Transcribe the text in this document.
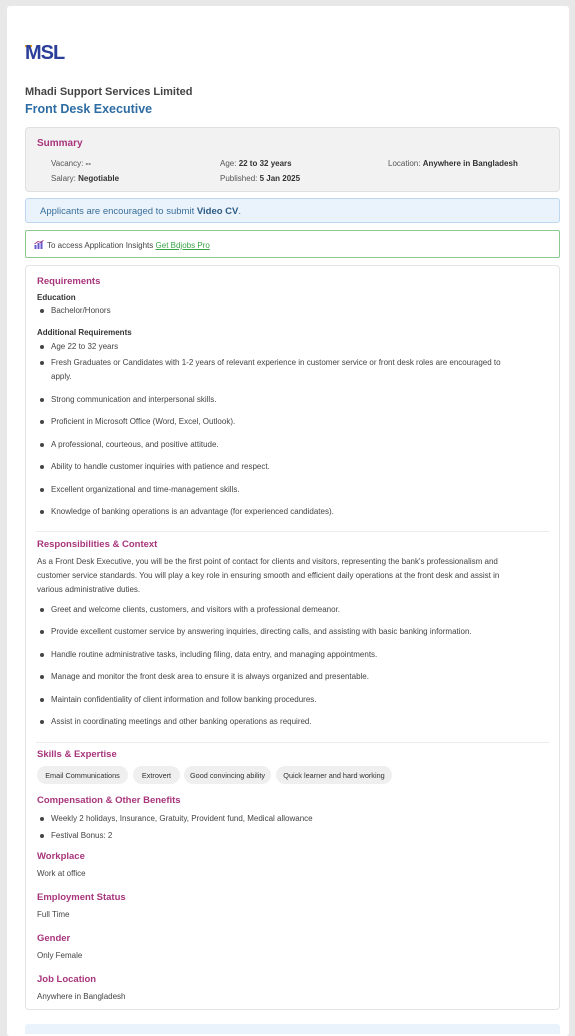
MSL
Mhadi Support Services Limited
Front Desk Executive
Summary
Vacancy: --	Age: 22 to 32 years	Location: Anywhere in Bangladesh
Salary: Negotiable	Published: 5 Jan 2025
Applicants are encouraged to submit Video CV.
To access Application Insights Get Bdjobs Pro
Requirements
Education
Bachelor/Honors
Additional Requirements
Age 22 to 32 years
Fresh Graduates or Candidates with 1-2 years of relevant experience in customer service or front desk roles are encouraged to
apply.
Strong communication and interpersonal skills.
Proficient in Microsoft Office (Word, Excel, Outlook).
A professional, courteous, and positive attitude.
Ability to handle customer inquiries with patience and respect.
Excellent organizational and time-management skills.
Knowledge of banking operations is an advantage (for experienced candidates).
Responsibilities & Context
As a Front Desk Executive, you will be the first point of contact for clients and visitors, representing the bank's professionalism and
customer service standards. You will play a key role in ensuring smooth and efficient daily operations at the front desk and assist in
various administrative duties.
Greet and welcome clients, customers, and visitors with a professional demeanor.
Provide excellent customer service by answering inquiries, directing calls, and assisting with basic banking information.
Handle routine administrative tasks, including filing, data entry, and managing appointments.
Manage and monitor the front desk area to ensure it is always organized and presentable.
Maintain confidentiality of client information and follow banking procedures.
Assist in coordinating meetings and other banking operations as required.
Skills & Expertise
Email Communications	Extrovert	Good convincing ability	Quick learner and hard working
Compensation & Other Benefits
Weekly 2 holidays, Insurance, Gratuity, Provident fund, Medical allowance
Festival Bonus: 2
Workplace
Work at office
Employment Status
Full Time
Gender
Only Female
Job Location
Anywhere in Bangladesh
